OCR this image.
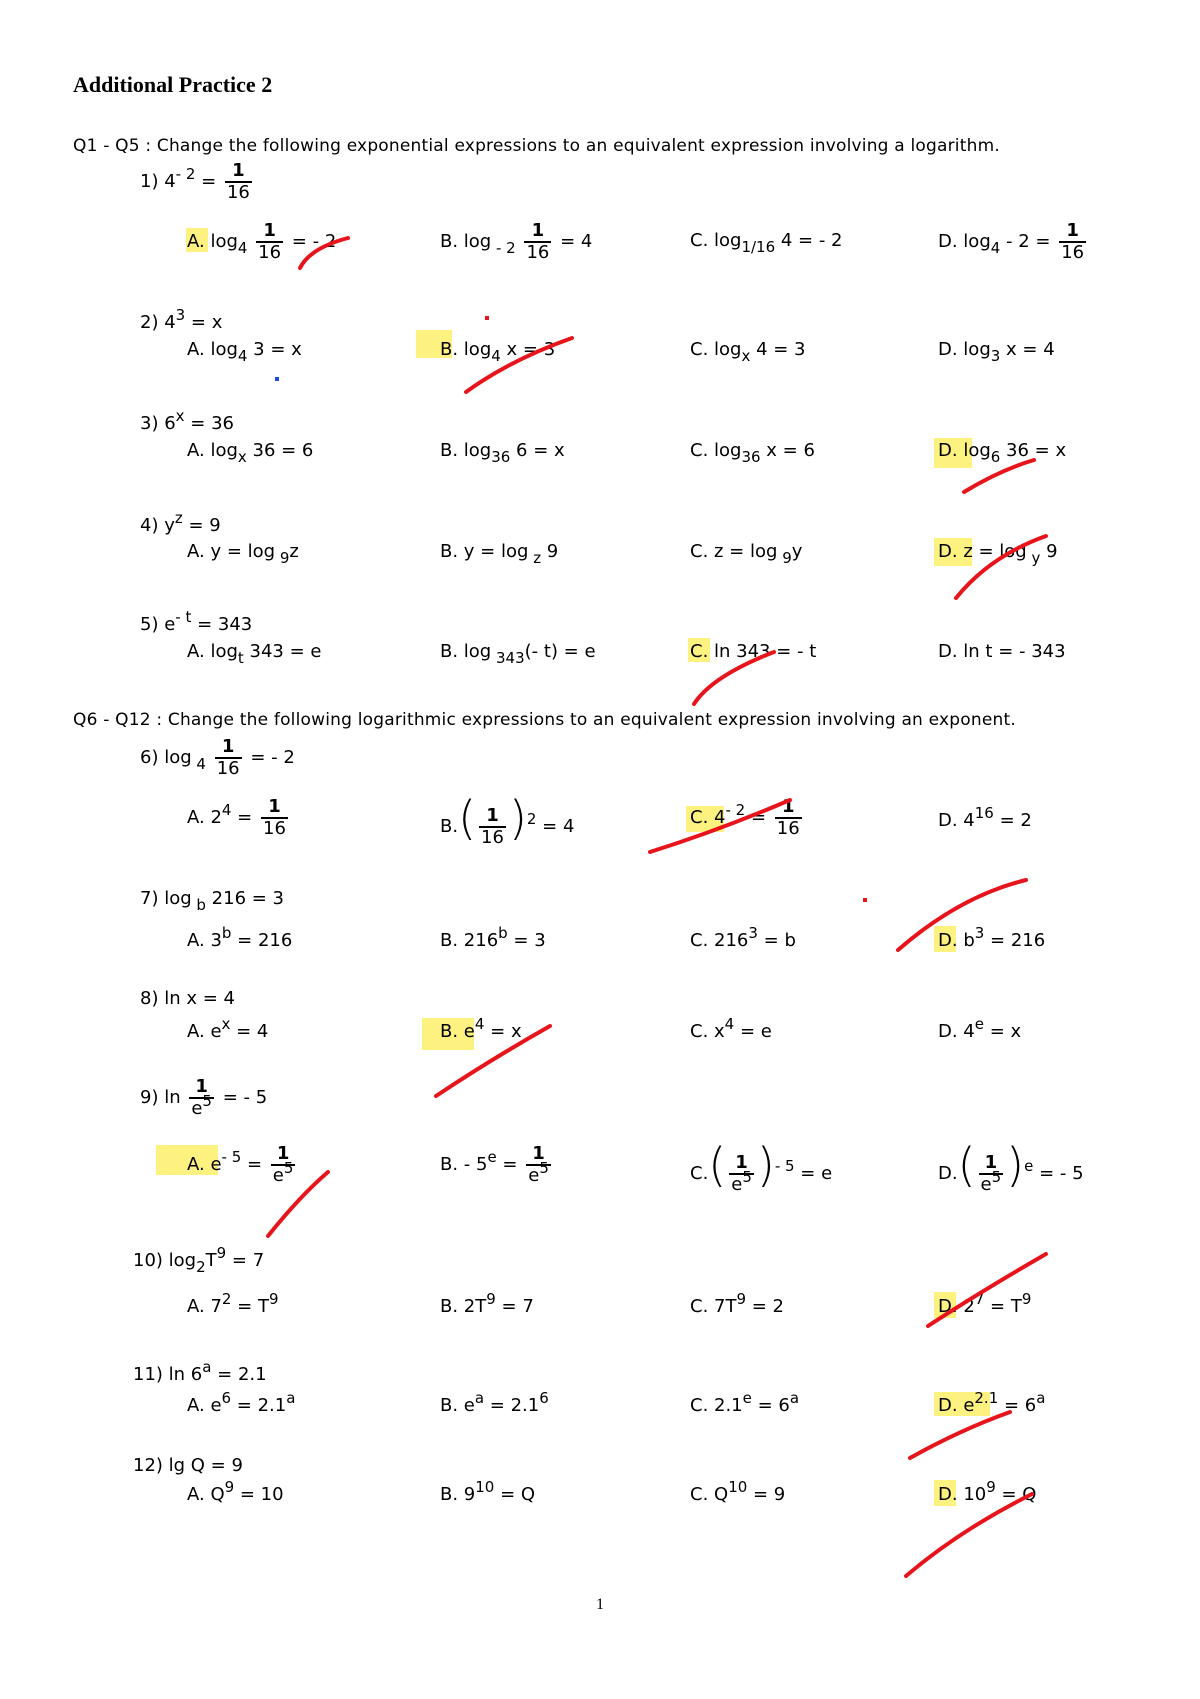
Additional Practice 2
Q1 - Q5 : Change the following exponential expressions to an equivalent expression involving a logarithm.
Q6 - Q12 : Change the following logarithmic expressions to an equivalent expression involving an exponent.
1) $4^{- 2} = \frac{1}{16}$
A. $\log_4 \frac{1}{16}$ = - 2	B. $\log _{- 2} \frac{1}{16} = 4$	C. $\log_{1/16} 4$ = - 2	D. $\log_4 - 2 = \frac{1}{16}$
2) $4^3 = x$
A. $\log_4 3 = x$	B. $\log_4 x = 3$	C. $\log_x 4 = 3$	D. $\log_3 x = 4$
3) $6^x = 36$
A. $\log_x 36 = 6$	B. $\log_{36} 6 = x$	C. $\log_{36} x = 6$	D. $\log_6 36 = x$
4) $y^z = 9$
A. y = log $_9$z	B. y = log $_z$ 9	C. z = log $_9$y	D. z = log $_y$ 9
5) $e^{- t} = 343$
A. $\log_t 343 = e$	B. log $_{343}$(- t) = e	C. ln 343 = - t	D. ln t = - 343
6) $\log _4 \frac{1}{16}$ = - 2
A. $2^4 = \frac{1}{16}$	$B.( \frac{1}{16} )^2 = 4$	C. $4^{- 2} = \frac{1}{16}$	D. $4^{16} = 2$
7) log $_b$ 216 = 3
A. $3^b = 216$	B. $216^b = 3$	C. $216^3 = b$	D. $b^3 = 216$
8) ln x = 4
A. $e^x = 4$	B. $e^4 = x$	C. $x^4 = e$	D. $4^e = x$
9) $\ln \frac{1}{e^5}$ = - 5
A. $e^{- 5} = \frac{1}{e^5}$	B. - $5^e = \frac{1}{e^5}$	$C.( \frac{1}{e^5} )^{- 5} = e$	$D.( \frac{1}{e^5} )^e$ = - 5
10) $\log_2T^9 = 7$
A. $7^2 = T^9$	B. $2T^9 = 7$	C. $7T^9 = 2$	D. $2^7 = T^9$
11) $\ln 6^a = 2.1$
A. $e^6 = 2.1^a$	B. $e^a = 2.1^6$	C. $2.1^e = 6^a$	D. $e^{2.1} = 6^a$
12) lg Q = 9
A. $Q^9 = 10$	B. $9^{10} = Q$	C. $Q^{10} = 9$	D. $10^9 = Q$
1
